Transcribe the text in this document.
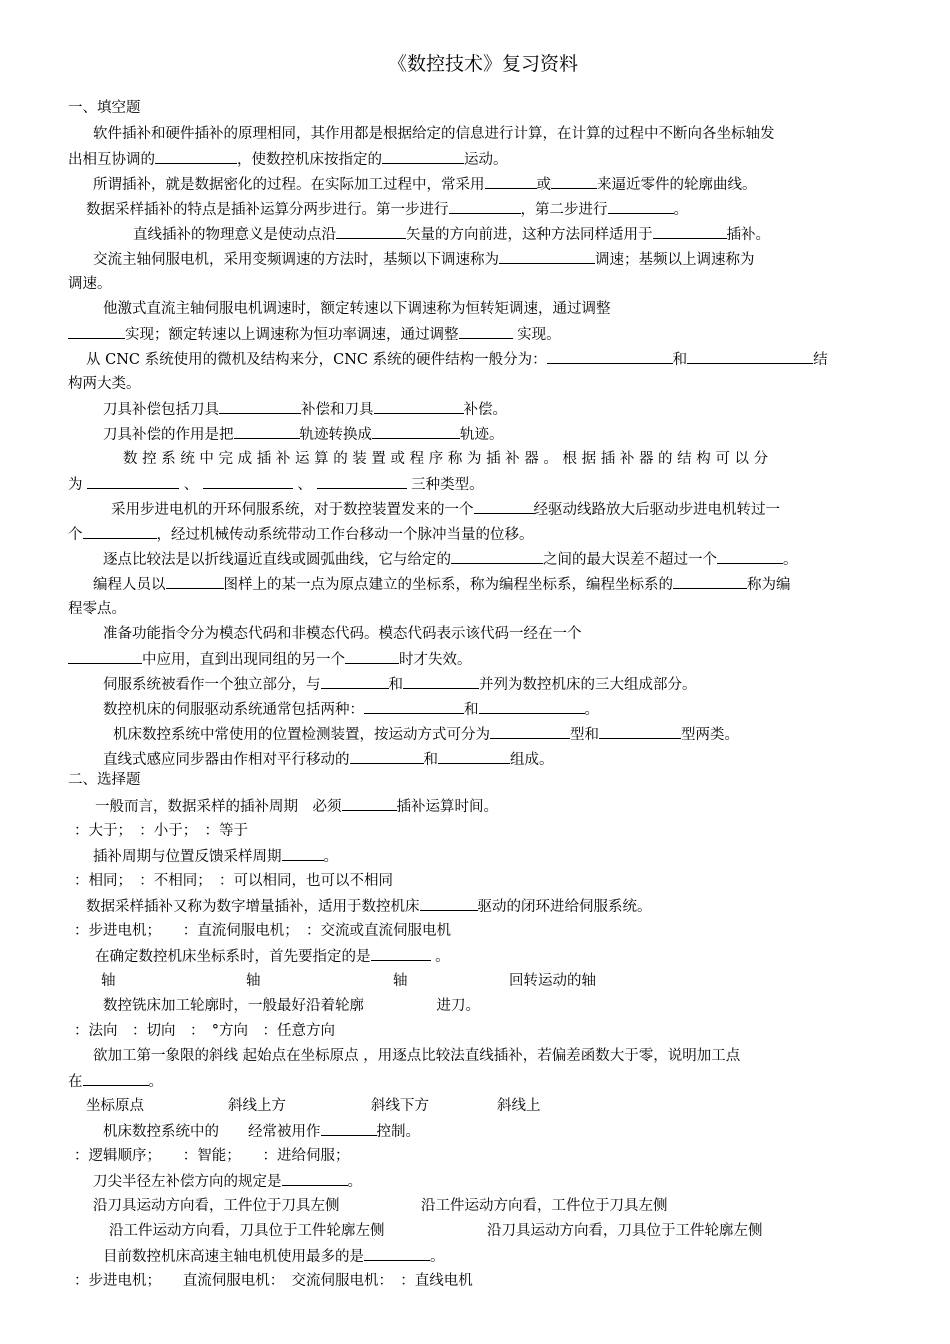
《数控技术》复习资料
一、填空题
二、选择题
软件插补和硬件插补的原理相同，其作用都是根据给定的信息进行计算，在计算的过程中不断向各坐标轴发
出相互协调的	，使数控机床按指定的	运动。
所谓插补，就是数据密化的过程。在实际加工过程中，常采用	或	来逼近零件的轮廓曲线。
数据采样插补的特点是插补运算分两步进行。第一步进行	，第二步进行	。
直线插补的物理意义是使动点沿	矢量的方向前进，这种方法同样适用于	插补。
交流主轴伺服电机，采用变频调速的方法时，基频以下调速称为	调速；基频以上调速称为
调速。
他激式直流主轴伺服电机调速时，额定转速以下调速称为恒转矩调速，通过调整
实现；额定转速以上调速称为恒功率调速，通过调整	实现。
从 CNC 系统使用的微机及结构来分，CNC 系统的硬件结构一般分为：	和	结
构两大类。
刀具补偿包括刀具	补偿和刀具	补偿。
刀具补偿的作用是把	轨迹转换成	轨迹。
数 控 系 统 中 完 成 插 补 运 算 的 装 置 或 程 序 称 为 插 补 器 。 根 据 插 补 器 的 结 构 可 以 分
为	、	、	三种类型。
采用步进电机的开环伺服系统，对于数控装置发来的一个	经驱动线路放大后驱动步进电机转过一
个	，经过机械传动系统带动工作台移动一个脉冲当量的位移。
逐点比较法是以折线逼近直线或圆弧曲线，它与给定的	之间的最大误差不超过一个	。
编程人员以	图样上的某一点为原点建立的坐标系，称为编程坐标系，编程坐标系的	称为编
程零点。
准备功能指令分为模态代码和非模态代码。模态代码表示该代码一经在一个
中应用，直到出现同组的另一个	时才失效。
伺服系统被看作一个独立部分，与	和	并列为数控机床的三大组成部分。
数控机床的伺服驱动系统通常包括两种：	和	。
机床数控系统中常使用的位置检测装置，按运动方式可分为	型和	型两类。
直线式感应同步器由作相对平行移动的	和	组成。
一般而言，数据采样的插补周期　必须	插补运算时间。
：大于；　：小于；　：等于
插补周期与位置反馈采样周期	。
：相同；　：不相同；　：可以相同，也可以不相同
数据采样插补又称为数字增量插补，适用于数控机床	驱动的闭环进给伺服系统。
：步进电机；　　：直流伺服电机；　：交流或直流伺服电机
在确定数控机床坐标系时，首先要指定的是	。
轴	轴	轴	回转运动的轴
数控铣床加工轮廓时，一般最好沿着轮廓　　　　　进刀。
：法向　：切向　：　°方向　：任意方向
欲加工第一象限的斜线 起始点在坐标原点 ，用逐点比较法直线插补，若偏差函数大于零，说明加工点
在	。
坐标原点	斜线上方	斜线下方	斜线上
机床数控系统中的　　经常被用作	控制。
：逻辑顺序；　　：智能；　　：进给伺服；
刀尖半径左补偿方向的规定是	。
沿刀具运动方向看，工件位于刀具左侧	沿工件运动方向看，工件位于刀具左侧
沿工件运动方向看，刀具位于工件轮廓左侧	沿刀具运动方向看，刀具位于工件轮廓左侧
目前数控机床高速主轴电机使用最多的是	。
：步进电机；　　直流伺服电机：　交流伺服电机：　：直线电机
